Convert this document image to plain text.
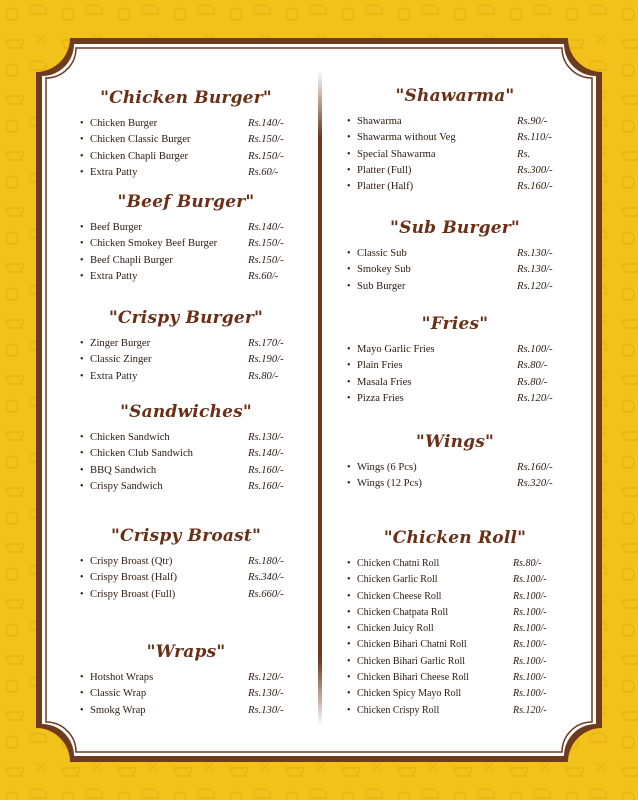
"Chicken Burger"
• Chicken Burger	Rs.140/-
• Chicken Classic Burger	Rs.150/-
• Chicken Chapli Burger	Rs.150/-
• Extra Patty	Rs.60/-
"Beef Burger"
• Beef Burger	Rs.140/-
• Chicken Smokey Beef Burger	Rs.150/-
• Beef Chapli Burger	Rs.150/-
• Extra Patty	Rs.60/-
"Crispy Burger"
• Zinger Burger	Rs.170/-
• Classic Zinger	Rs.190/-
• Extra Patty	Rs.80/-
"Sandwiches"
• Chicken Sandwich	Rs.130/-
• Chicken Club Sandwich	Rs.140/-
• BBQ Sandwich	Rs.160/-
• Crispy Sandwich	Rs.160/-
"Crispy Broast"
• Crispy Broast (Qtr)	Rs.180/-
• Crispy Broast (Half)	Rs.340/-
• Crispy Broast (Full)	Rs.660/-
"Wraps"
• Hotshot Wraps	Rs.120/-
• Classic Wrap	Rs.130/-
• Smokg Wrap	Rs.130/-
"Shawarma"
• Shawarma	Rs.90/-
• Shawarma without Veg	Rs.110/-
• Special Shawarma	Rs.
• Platter (Full)	Rs.300/-
• Platter (Half)	Rs.160/-
"Sub Burger"
• Classic Sub	Rs.130/-
• Smokey Sub	Rs.130/-
• Sub Burger	Rs.120/-
"Fries"
• Mayo Garlic Fries	Rs.100/-
• Plain Fries	Rs.80/-
• Masala Fries	Rs.80/-
• Pizza Fries	Rs.120/-
"Wings"
• Wings (6 Pcs)	Rs.160/-
• Wings (12 Pcs)	Rs.320/-
"Chicken Roll"
• Chicken Chatni Roll	Rs.80/-
• Chicken Garlic Roll	Rs.100/-
• Chicken Cheese Roll	Rs.100/-
• Chicken Chatpata Roll	Rs.100/-
• Chicken Juicy Roll	Rs.100/-
• Chicken Bihari Chatni Roll	Rs.100/-
• Chicken Bihari Garlic Roll	Rs.100/-
• Chicken Bihari Cheese Roll	Rs.100/-
• Chicken Spicy Mayo Roll	Rs.100/-
• Chicken Crispy Roll	Rs.120/-
